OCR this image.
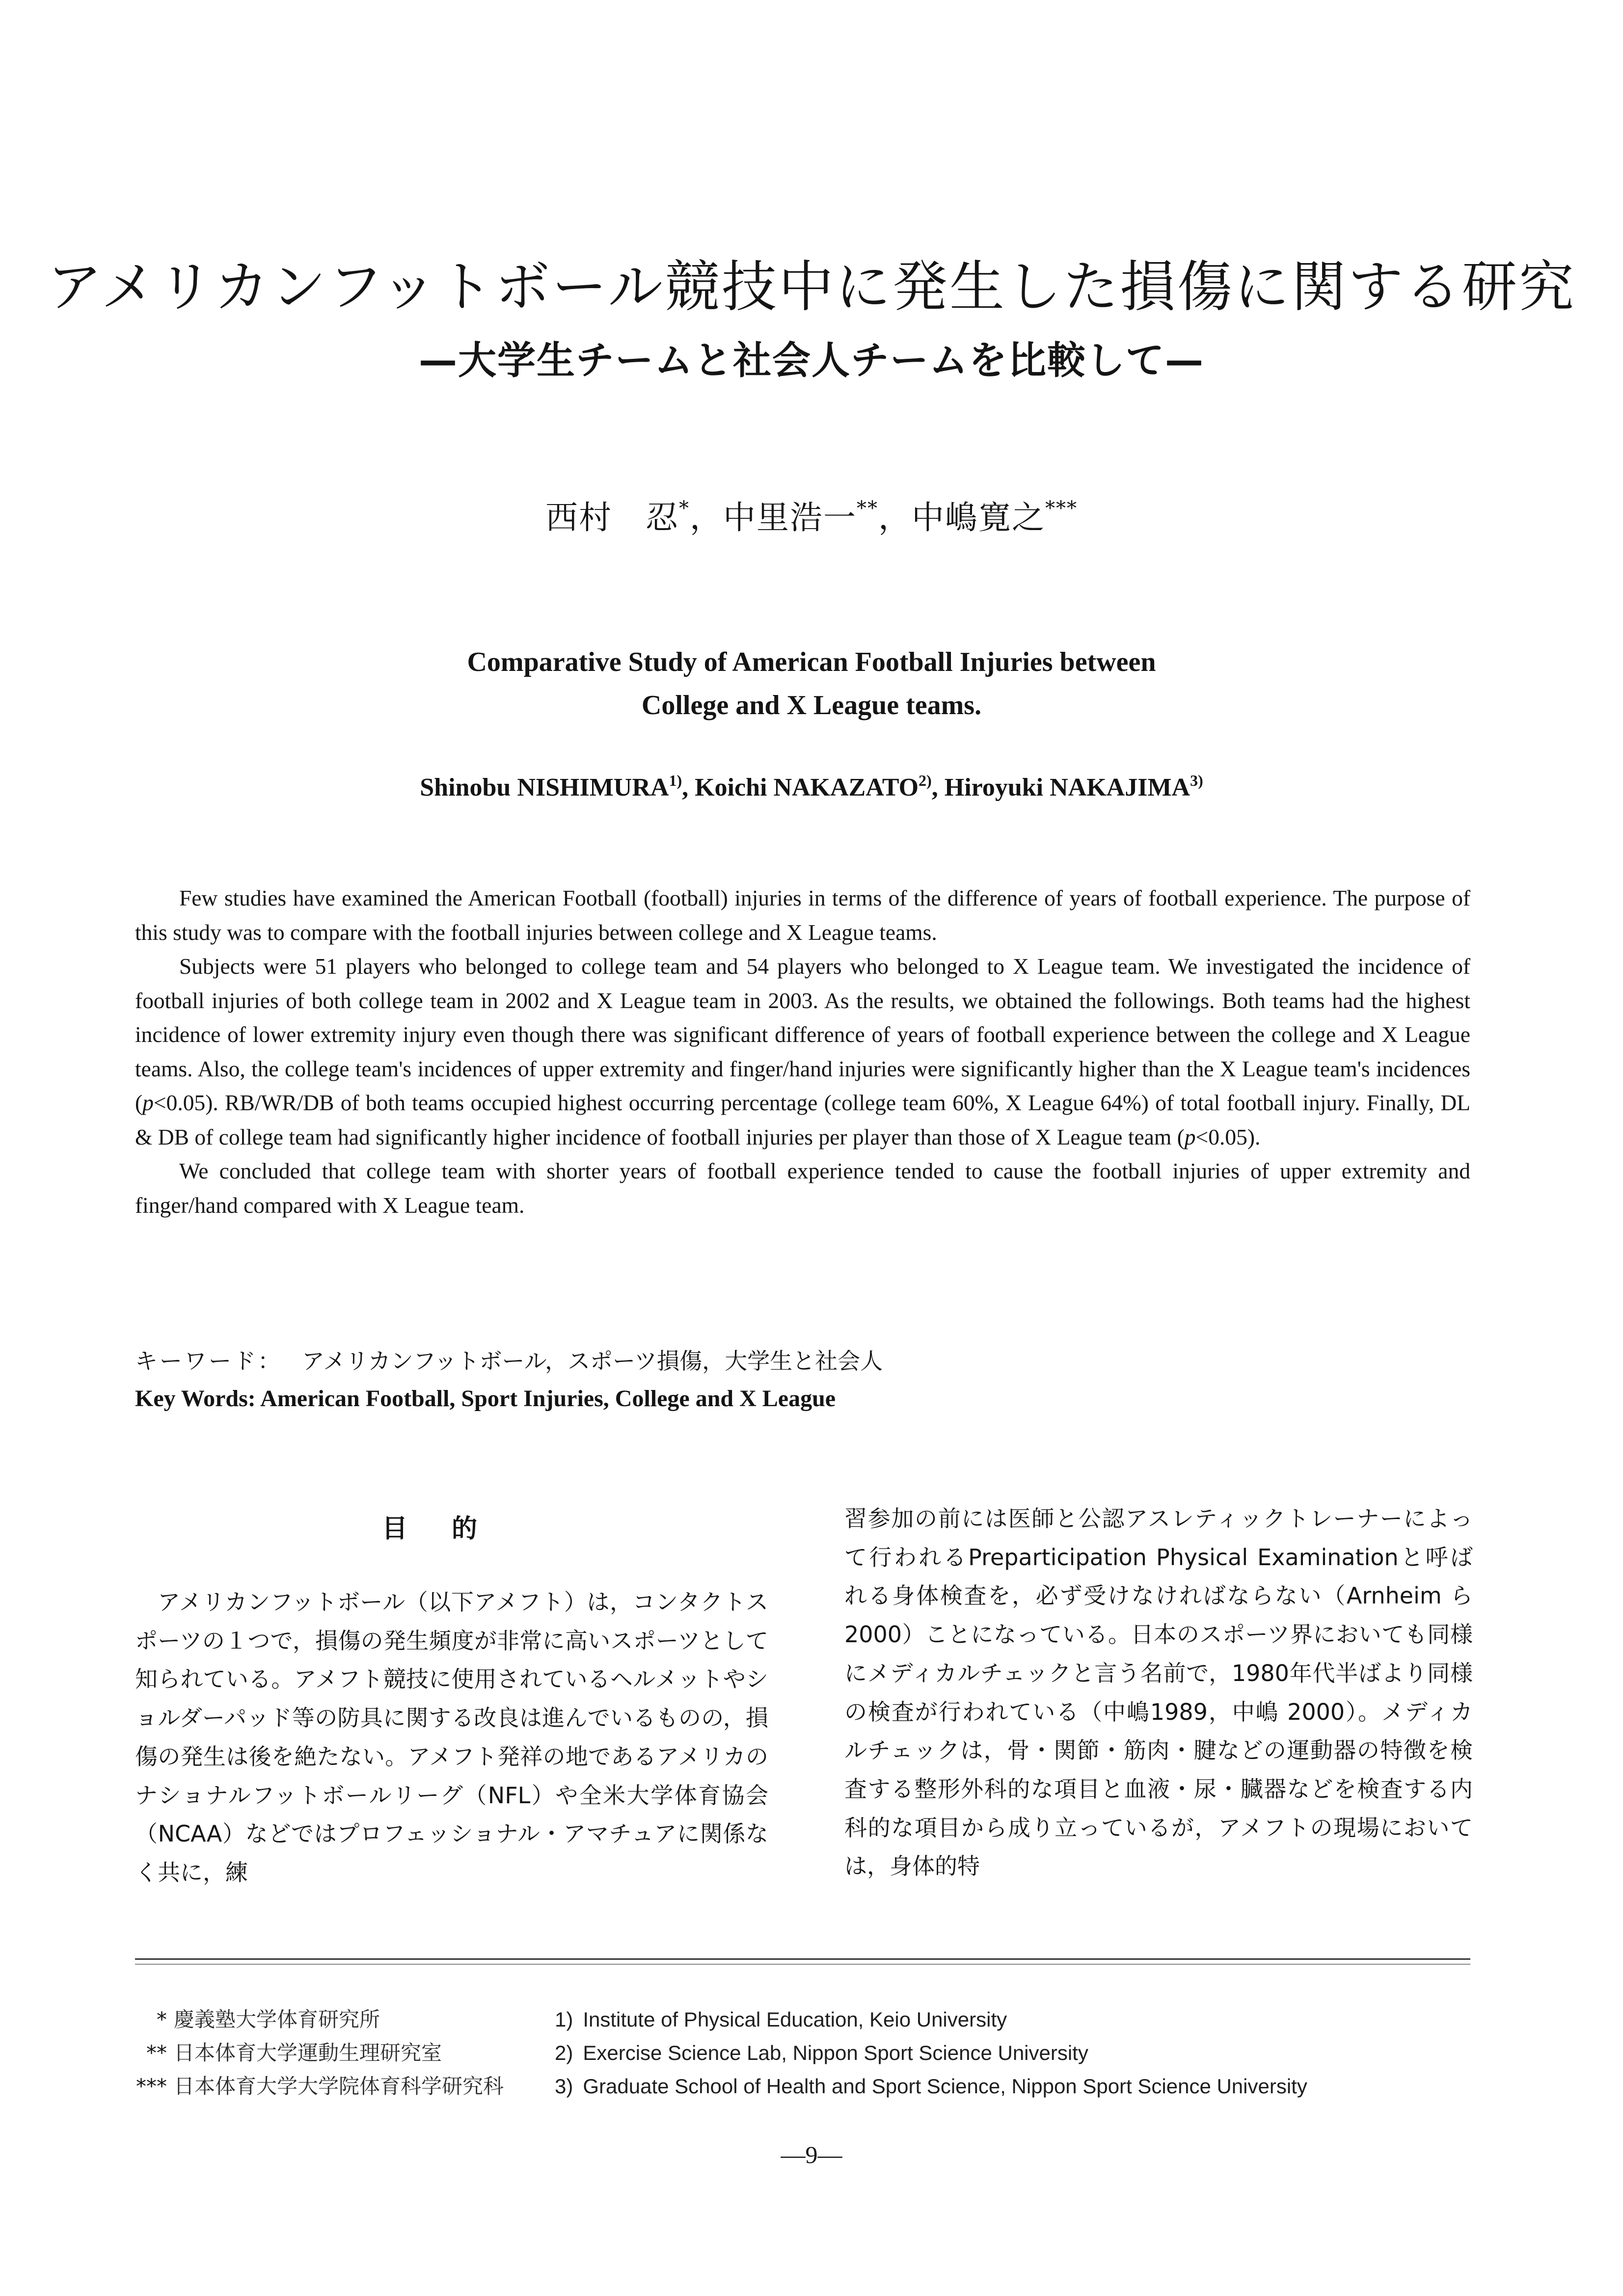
アメリカンフットボール競技中に発生した損傷に関する研究
—大学生チームと社会人チームを比較して—
西村　忍*，中里浩一**，中嶋寛之***
Comparative Study of American Football Injuries between
College and X League teams.
Shinobu NISHIMURA$^{1)}$, Koichi NAKAZATO$^{2)}$, Hiroyuki NAKAJIMA$^{3)}$

Few studies have examined the American Football (football) injuries in terms of the difference of years of football experience. The purpose of this study was to compare with the football injuries between college and X League teams.

Subjects were 51 players who belonged to college team and 54 players who belonged to X League team. We investigated the incidence of football injuries of both college team in 2002 and X League team in 2003. As the results, we obtained the followings. Both teams had the highest incidence of lower extremity injury even though there was significant difference of years of football experience between the college and X League teams. Also, the college team's incidences of upper extremity and finger/hand injuries were significantly higher than the X League team's incidences (p<0.05). RB/WR/DB of both teams occupied highest occurring percentage (college team 60%, X League 64%) of total football injury. Finally, DL & DB of college team had significantly higher incidence of football injuries per player than those of X League team (p<0.05).

We concluded that college team with shorter years of football experience tended to cause the football injuries of upper extremity and finger/hand compared with X League team.

キーワード： アメリカンフットボール，スポーツ損傷，大学生と社会人
Key Words: American Football, Sport Injuries, College and X League
目的

アメリカンフットボール（以下アメフト）は，コンタクトスポーツの１つで，損傷の発生頻度が非常に高いスポーツとして知られている。アメフト競技に使用されているヘルメットやショルダーパッド等の防具に関する改良は進んでいるものの，損傷の発生は後を絶たない。アメフト発祥の地であるアメリカのナショナルフットボールリーグ（NFL）や全米大学体育協会（NCAA）などではプロフェッショナル・アマチュアに関係なく共に，練

習参加の前には医師と公認アスレティックトレーナーによって行われるPreparticipation Physical Examinationと呼ばれる身体検査を，必ず受けなければならない（Arnheim ら 2000）ことになっている。日本のスポーツ界においても同様にメディカルチェックと言う名前で，1980年代半ばより同様の検査が行われている（中嶋1989，中嶋 2000）。メディカルチェックは，骨・関節・筋肉・腱などの運動器の特徴を検査する整形外科的な項目と血液・尿・臓器などを検査する内科的な項目から成り立っているが，アメフトの現場においては，身体的特

* 慶義塾大学体育研究所	1) Institute of Physical Education, Keio University
** 日本体育大学運動生理研究室	2) Exercise Science Lab, Nippon Sport Science University
*** 日本体育大学大学院体育科学研究科 3) Graduate School of Health and Sport Science, Nippon Sport Science University
—9—
